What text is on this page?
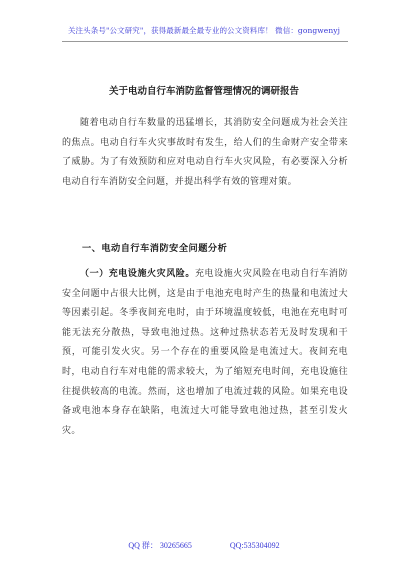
关注头条号"公文研究"，获得最新最全最专业的公文资料库！ 微信：gongwenyj
关于电动自行车消防监督管理情况的调研报告
随着电动自行车数量的迅猛增长，其消防安全问题成为社会关注的焦点。电动自行车火灾事故时有发生，给人们的生命财产安全带来了威胁。为了有效预防和应对电动自行车火灾风险，有必要深入分析电动自行车消防安全问题，并提出科学有效的管理对策。
一、电动自行车消防安全问题分析
（一）充电设施火灾风险。充电设施火灾风险在电动自行车消防安全问题中占很大比例，这是由于电池充电时产生的热量和电流过大等因素引起。冬季夜间充电时，由于环境温度较低，电池在充电时可能无法充分散热，导致电池过热。这种过热状态若无及时发现和干预，可能引发火灾。另一个存在的重要风险是电流过大。夜间充电时，电动自行车对电能的需求较大，为了缩短充电时间，充电设施往往提供较高的电流。然而，这也增加了电流过载的风险。如果充电设备或电池本身存在缺陷，电流过大可能导致电池过热，甚至引发火灾。
QQ 群： 30265665	QQ:535304092
